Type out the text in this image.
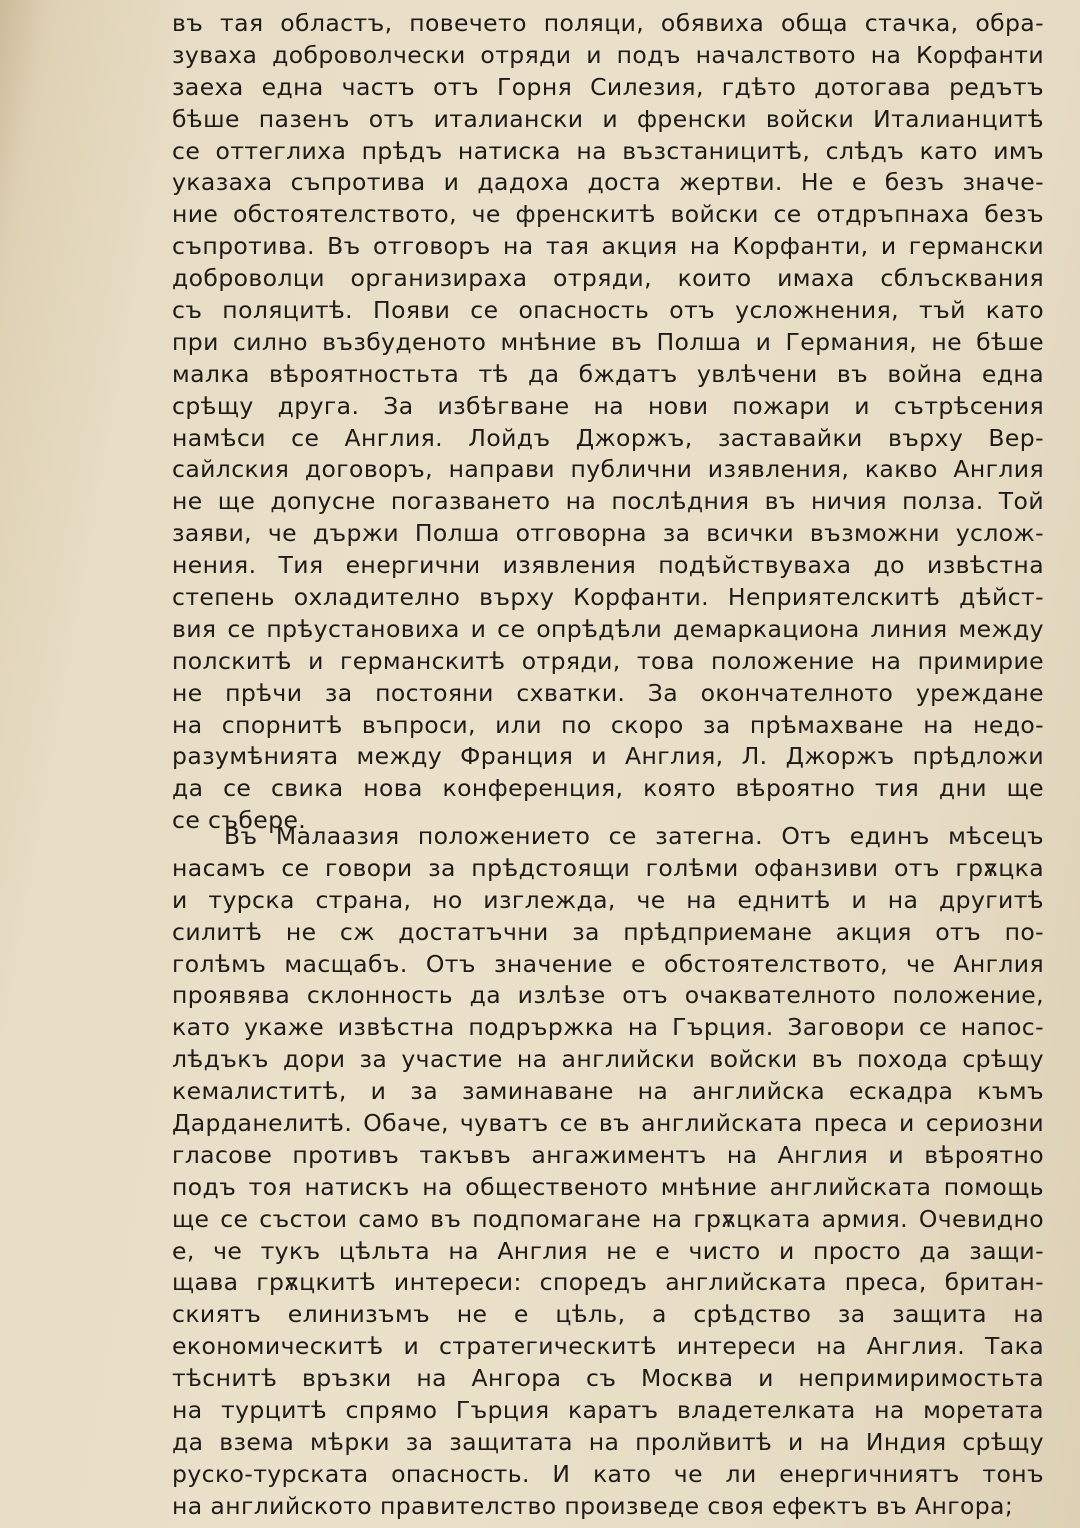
въ тая областъ, повечето поляци, обявиха обща стачка, обра-
зуваха доброволчески отряди и подъ началството на Корфанти
заеха една частъ отъ Горня Силезия, гдѣто дотогава редътъ
бѣше пазенъ отъ италиански и френски войски Италианцитѣ
се оттеглиха прѣдъ натиска на възстаницитѣ, слѣдъ като имъ
указаха съпротива и дадоха доста жертви. Не е безъ значе-
ние обстоятелството, че френскитѣ войски се отдръпнаха безъ
съпротива. Въ отговоръ на тая акция на Корфанти, и германски
доброволци организираха отряди, които имаха сблъсквания
съ поляцитѣ. Появи се опасность отъ усложнения, тъй като
при силно възбуденото мнѣние въ Полша и Германия, не бѣше
малка вѣроятностьта тѣ да бждатъ увлѣчени въ война една
срѣщу друга. За избѣгване на нови пожари и сътрѣсения
намѣси се Англия. Лойдъ Джоржъ, заставайки върху Вер-
сайлския договоръ, направи публични изявления, какво Англия
не ще допусне погазването на послѣдния въ ничия полза. Той
заяви, че държи Полша отговорна за всички възможни услож-
нения. Тия енергични изявления подѣйствуваха до извѣстна
степень охладително върху Корфанти. Неприятелскитѣ дѣйст-
вия се прѣустановиха и се опрѣдѣли демаркациона линия между
полскитѣ и германскитѣ отряди, това положение на примирие
не прѣчи за постояни схватки. За окончателното уреждане
на спорнитѣ въпроси, или по скоро за прѣмахване на недо-
разумѣнията между Франция и Англия, Л. Джоржъ прѣдложи
да се свика нова конференция, която вѣроятно тия дни ще
се събере.
Въ Малаазия положението се затегна. Отъ единъ мѣсецъ
насамъ се говори за прѣдстоящи голѣми офанзиви отъ грѫцка
и турска страна, но изглежда, че на еднитѣ и на другитѣ
силитѣ не сж достатъчни за прѣдприемане акция отъ по-
голѣмъ масщабъ. Отъ значение е обстоятелството, че Англия
проявява склонность да излѣзе отъ очаквателното положение,
като укаже извѣстна подрържка на Гърция. Заговори се напос-
лѣдъкъ дори за участие на английски войски въ похода срѣщу
кемалиститѣ, и за заминаване на английска ескадра къмъ
Дарданелитѣ. Обаче, чуватъ се въ английската преса и сериозни
гласове противъ такъвъ ангажиментъ на Англия и вѣроятно
подъ тоя натискъ на общественото мнѣние английската помощь
ще се състои само въ подпомагане на грѫцката армия. Очевидно
е, че тукъ цѣльта на Англия не е чисто и просто да защи-
щава грѫцкитѣ интереси: споредъ английската преса, британ-
скиятъ елинизъмъ не е цѣль, а срѣдство за защита на
економическитѣ и стратегическитѣ интереси на Англия. Така
тѣснитѣ връзки на Ангора съ Москва и непримиримостьта
на турцитѣ спрямо Гърция каратъ владетелката на моретата
да взема мѣрки за защитата на пролйвитѣ и на Индия срѣщу
руско-турската опасность. И като че ли енергичниятъ тонъ
на английското правителство произведе своя ефектъ въ Ангора;
